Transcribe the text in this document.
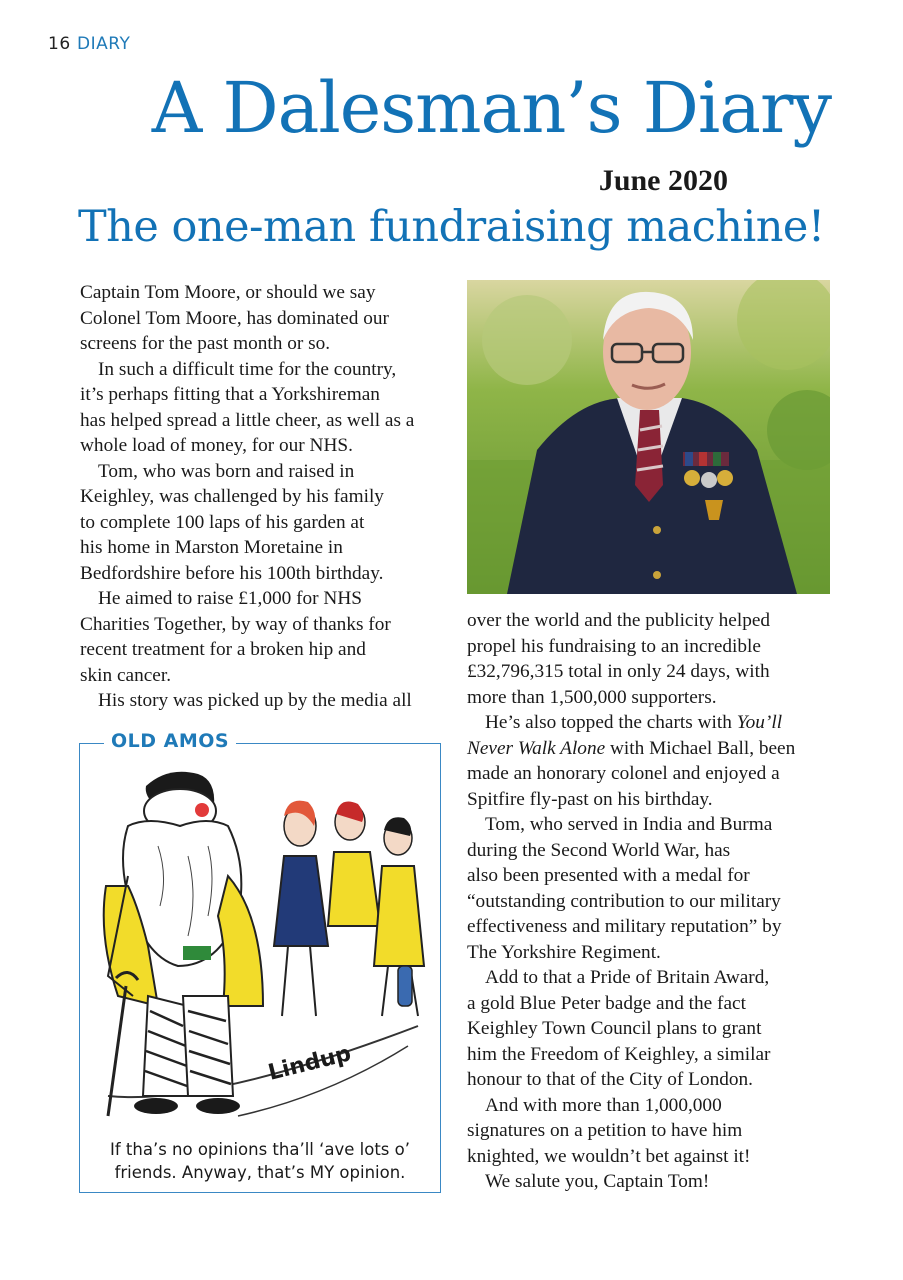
16 DIARY
A Dalesman’s Diary
June 2020
The one-man fundraising machine!

Captain Tom Moore, or should we say

Colonel Tom Moore, has dominated our

screens for the past month or so.

In such a difficult time for the country,

it’s perhaps fitting that a Yorkshireman

has helped spread a little cheer, as well as a

whole load of money, for our NHS.

Tom, who was born and raised in

Keighley, was challenged by his family

to complete 100 laps of his garden at

his home in Marston Moretaine in

Bedfordshire before his 100th birthday.

He aimed to raise £1,000 for NHS

Charities Together, by way of thanks for

recent treatment for a broken hip and

skin cancer.

His story was picked up by the media all

over the world and the publicity helped

propel his fundraising to an incredible

£32,796,315 total in only 24 days, with

more than 1,500,000 supporters.

He’s also topped the charts with You’ll

Never Walk Alone with Michael Ball, been

made an honorary colonel and enjoyed a

Spitfire fly-past on his birthday.

Tom, who served in India and Burma

during the Second World War, has

also been presented with a medal for

“outstanding contribution to our military

effectiveness and military reputation” by

The Yorkshire Regiment.

Add to that a Pride of Britain Award,

a gold Blue Peter badge and the fact

Keighley Town Council plans to grant

him the Freedom of Keighley, a similar

honour to that of the City of London.

And with more than 1,000,000

signatures on a petition to have him

knighted, we wouldn’t bet against it!

We salute you, Captain Tom!

OLD AMOS
Lindup
If tha’s no opinions tha’ll ‘ave lots o’
friends. Anyway, that’s MY opinion.
